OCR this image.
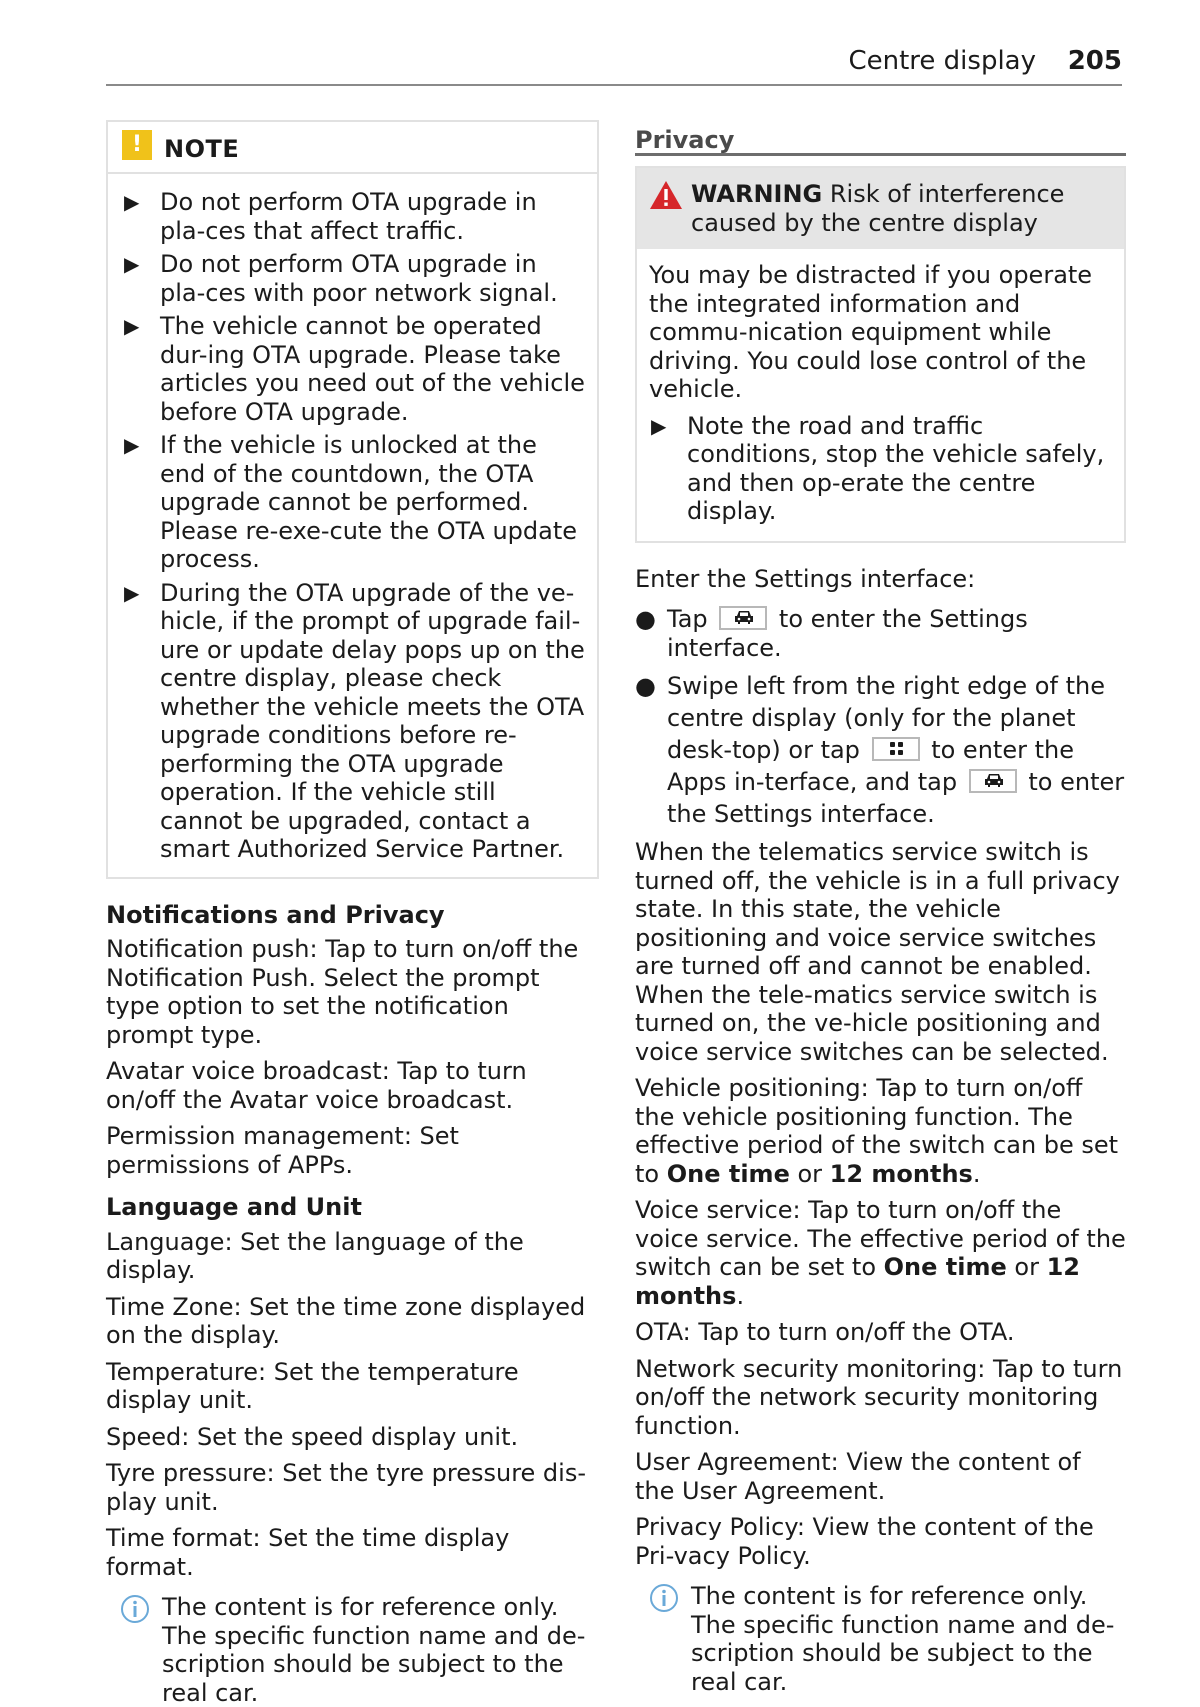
Centre display 205
! NOTE
▶ Do not perform OTA upgrade in pla-ces that affect traffic.
▶ Do not perform OTA upgrade in pla-ces with poor network signal.
▶ The vehicle cannot be operated dur-ing OTA upgrade. Please take articles you need out of the vehicle before OTA upgrade.
▶ If the vehicle is unlocked at the end of the countdown, the OTA upgrade cannot be performed. Please re-exe-cute the OTA update process.
▶ During the OTA upgrade of the ve-hicle, if the prompt of upgrade fail-ure or update delay pops up on the centre display, please check whether the vehicle meets the OTA upgrade conditions before re-performing the OTA upgrade operation. If the vehicle still cannot be upgraded, contact a smart Authorized Service Partner.

Notifications and Privacy

Notification push: Tap to turn on/off the Notification Push. Select the prompt type option to set the notification prompt type.

Avatar voice broadcast: Tap to turn on/off the Avatar voice broadcast.

Permission management: Set permissions of APPs.

Language and Unit

Language: Set the language of the display.

Time Zone: Set the time zone displayed on the display.

Temperature: Set the temperature display unit.

Speed: Set the speed display unit.

Tyre pressure: Set the tyre pressure dis-play unit.

Time format: Set the time display format.

The content is for reference only. The specific function name and de-scription should be subject to the real car.
Privacy
WARNING Risk of interference caused by the centre display

You may be distracted if you operate the integrated information and commu-nication equipment while driving. You could lose control of the vehicle.

▶ Note the road and traffic conditions, stop the vehicle safely, and then op-erate the centre display.

Enter the Settings interface:

● Tap	to enter the Settings interface.
● Swipe left from the right edge of the centre display (only for the planet desk-top) or tap	to enter the Apps in-terface, and tap	to enter the Settings interface.

When the telematics service switch is turned off, the vehicle is in a full privacy state. In this state, the vehicle positioning and voice service switches are turned off and cannot be enabled. When the tele-matics service switch is turned on, the ve-hicle positioning and voice service switches can be selected.

Vehicle positioning: Tap to turn on/off the vehicle positioning function. The effective period of the switch can be set to One time or 12 months.

Voice service: Tap to turn on/off the voice service. The effective period of the switch can be set to One time or 12 months.

OTA: Tap to turn on/off the OTA.

Network security monitoring: Tap to turn on/off the network security monitoring function.

User Agreement: View the content of the User Agreement.

Privacy Policy: View the content of the Pri-vacy Policy.

The content is for reference only. The specific function name and de-scription should be subject to the real car.
